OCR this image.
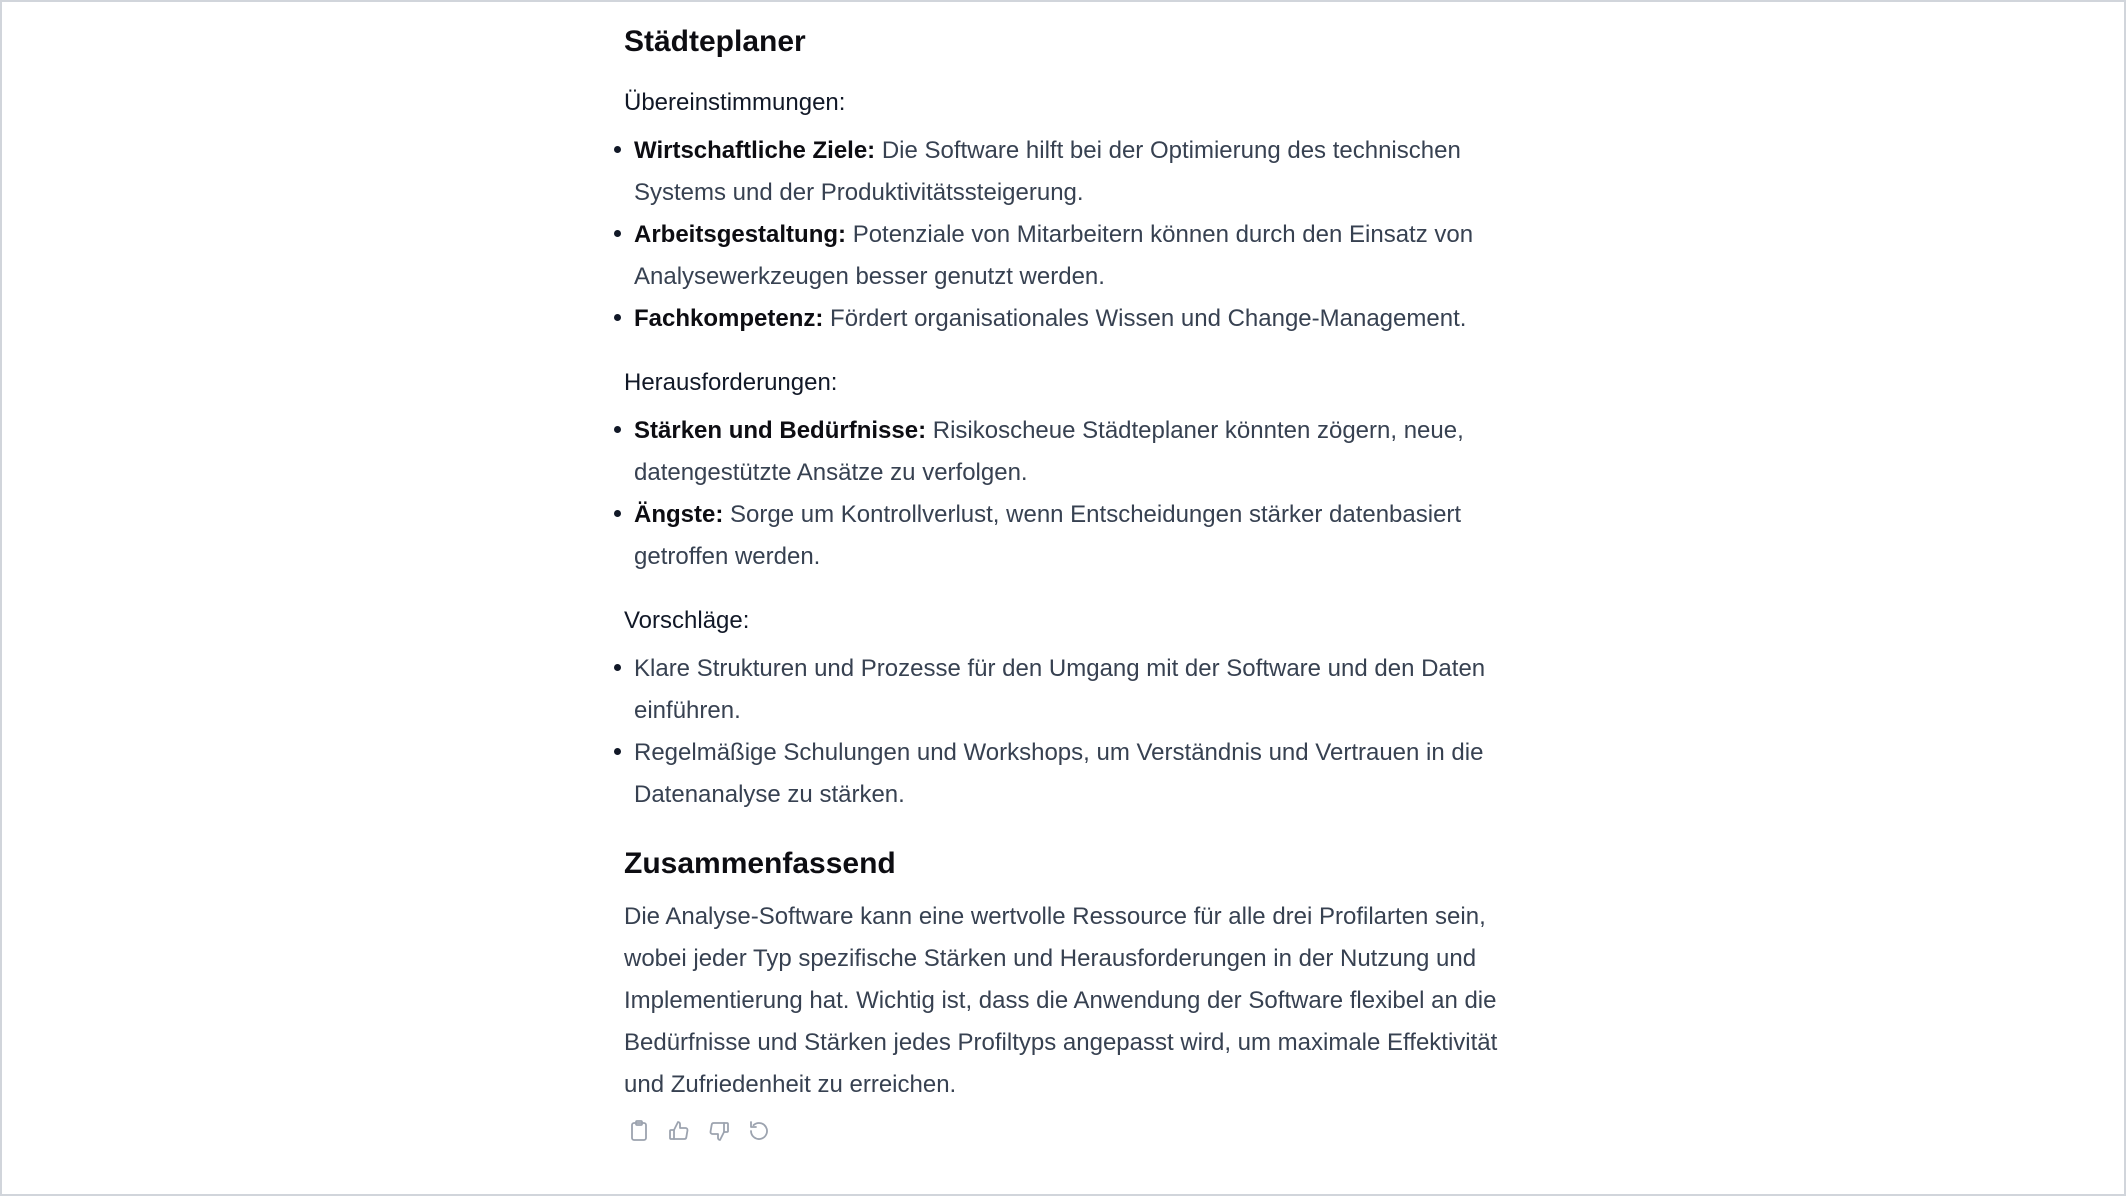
Städteplaner
Übereinstimmungen:
Wirtschaftliche Ziele: Die Software hilft bei der Optimierung des technischen Systems und der Produktivitätssteigerung.
Arbeitsgestaltung: Potenziale von Mitarbeitern können durch den Einsatz von Analysewerkzeugen besser genutzt werden.
Fachkompetenz: Fördert organisationales Wissen und Change-Management.
Herausforderungen:
Stärken und Bedürfnisse: Risikoscheue Städteplaner könnten zögern, neue, datengestützte Ansätze zu verfolgen.
Ängste: Sorge um Kontrollverlust, wenn Entscheidungen stärker datenbasiert getroffen werden.
Vorschläge:
Klare Strukturen und Prozesse für den Umgang mit der Software und den Daten einführen.
Regelmäßige Schulungen und Workshops, um Verständnis und Vertrauen in die Datenanalyse zu stärken.
Zusammenfassend

Die Analyse-Software kann eine wertvolle Ressource für alle drei Profilarten sein, wobei jeder Typ spezifische Stärken und Herausforderungen in der Nutzung und Implementierung hat. Wichtig ist, dass die Anwendung der Software flexibel an die Bedürfnisse und Stärken jedes Profiltyps angepasst wird, um maximale Effektivität und Zufriedenheit zu erreichen.
